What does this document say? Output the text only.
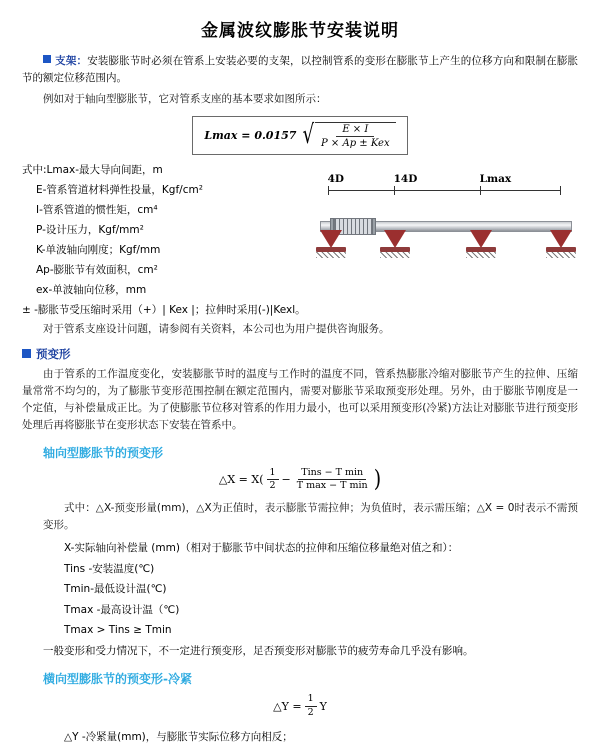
金属波纹膨胀节安装说明

支架：安装膨胀节时必须在管系上安装必要的支架，以控制管系的变形在膨胀节上产生的位移方向和限制在膨胀节的额定位移范围内。

例如对于轴向型膨胀节，它对管系支座的基本要求如图所示：

Lmax = 0.0157 √ $\frac{E \times I}{\text{P × Ap ± Kex}}$
式中:Lmax-最大导向间距，m
E-管系管道材料弹性投量，Kgf/cm²
I-管系管道的惯性矩，cm⁴
P-设计压力，Kgf/mm²
K-单波轴向刚度；Kgf/mm
Ap-膨胀节有效面积，cm²
ex-单波轴向位移，mm
± -膨胀节受压缩时采用（+）| Kex |；拉伸时采用(-)|Kexl。
4D	14D	Lmax

对于管系支座设计问题，请参阅有关资料，本公司也为用户提供咨询服务。

预变形

由于管系的工作温度变化，安装膨胀节时的温度与工作时的温度不同，管系热膨胀冷缩对膨胀节产生的拉伸、压缩量常常不均匀的，为了膨胀节变形范围控制在额定范围内，需要对膨胀节采取预变形处理。另外，由于膨胀节刚度是一个定值，与补偿量成正比。为了使膨胀节位移对管系的作用力最小，也可以采用预变形(冷紧)方法让对膨胀节进行预变形处理后再将膨胀节在变形状态下安装在管系中。

轴向型膨胀节的预变形
△X = $X( \frac{1}{2} - \frac{\text{Tins − T min}}{\text{T max − T min}}$ )

式中：△X-预变形量(mm)，△X为正值时，表示膨胀节需拉伸；为负值时，表示需压缩；△X = 0时表示不需预变形。

X-实际轴向补偿量 (mm)（相对于膨胀节中间状态的拉伸和压缩位移量绝对值之和）：
Tins -安装温度(℃)
Tmin-最低设计温(℃)
Tmax -最高设计温（℃)
Tmax > Tins ≥ Tmin

一般变形和受力情况下，不一定进行预变形，足否预变形对膨胀节的疲劳寿命几乎没有影响。

横向型膨胀节的预变形-冷紧
△Y = $\frac{1}{2}$ Y
△Y -冷紧量(mm)，与膨胀节实际位移方向相反；
